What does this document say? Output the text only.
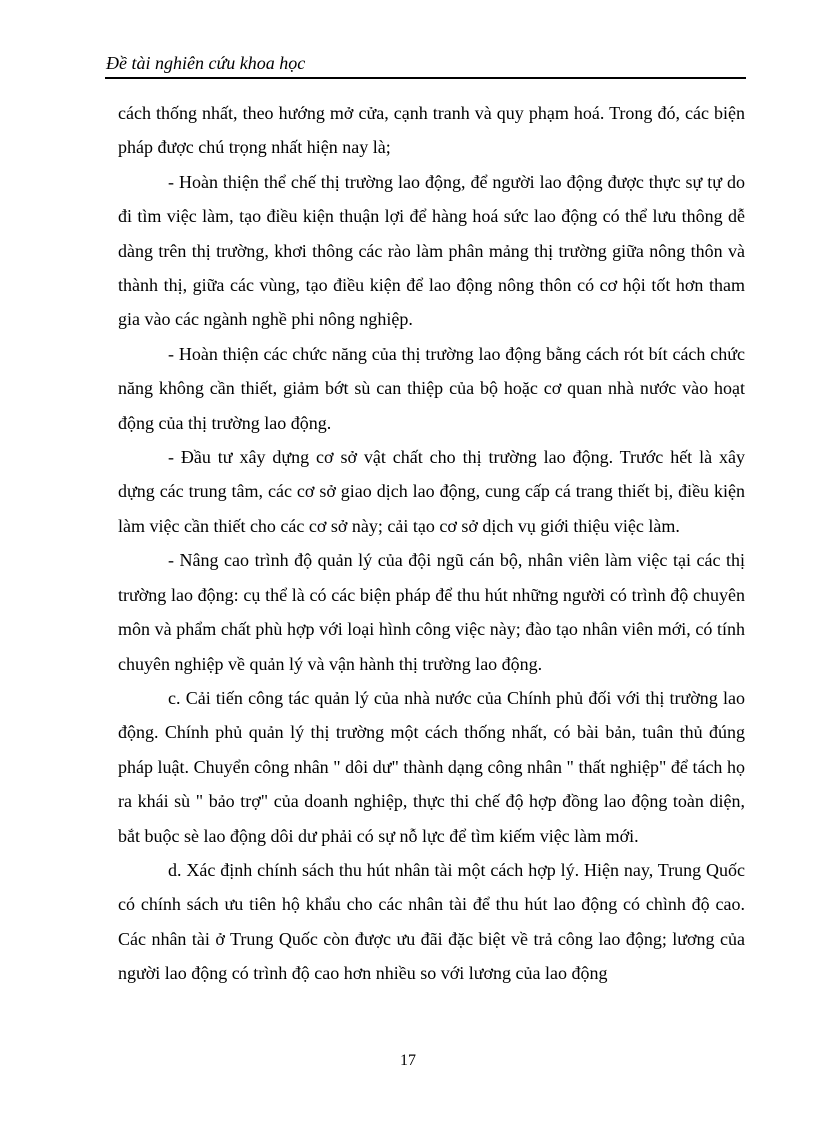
Đề tài nghiên cứu khoa học

cách thống nhất, theo hướng mở cửa, cạnh tranh và quy phạm hoá. Trong đó, các biện pháp được chú trọng nhất hiện nay là;

- Hoàn thiện thể chế thị trường lao động, để người lao động được thực sự tự do đi tìm việc làm, tạo điều kiện thuận lợi để hàng hoá sức lao động có thể lưu thông dễ dàng trên thị trường, khơi thông các rào làm phân mảng thị trường giữa nông thôn và thành thị, giữa các vùng, tạo điều kiện để lao động nông thôn có cơ hội tốt hơn tham gia vào các ngành nghề phi nông nghiệp.

- Hoàn thiện các chức năng của thị trường lao động bằng cách rót bít cách chức năng không cần thiết, giảm bớt sù can thiệp của bộ hoặc cơ quan nhà nước vào hoạt động của thị trường lao động.

- Đầu tư xây dựng cơ sở vật chất cho thị trường lao động. Trước hết là xây dựng các trung tâm, các cơ sở giao dịch lao động, cung cấp cá trang thiết bị, điều kiện làm việc cần thiết cho các cơ sở này; cải tạo cơ sở dịch vụ giới thiệu việc làm.

- Nâng cao trình độ quản lý của đội ngũ cán bộ, nhân viên làm việc tại các thị trường lao động: cụ thể là có các biện pháp để thu hút những người có trình độ chuyên môn và phẩm chất phù hợp với loại hình công việc này; đào tạo nhân viên mới, có tính chuyên nghiệp về quản lý và vận hành thị trường lao động.

c. Cải tiến công tác quản lý của nhà nước của Chính phủ đối với thị trường lao động. Chính phủ quản lý thị trường một cách thống nhất, có bài bản, tuân thủ đúng pháp luật. Chuyển công nhân " dôi dư" thành dạng công nhân " thất nghiệp" để tách họ ra khái sù " bảo trợ" của doanh nghiệp, thực thi chế độ hợp đồng lao động toàn diện, bắt buộc sè lao động dôi dư phải có sự nỗ lực để tìm kiếm việc làm mới.

d. Xác định chính sách thu hút nhân tài một cách hợp lý. Hiện nay, Trung Quốc có chính sách ưu tiên hộ khẩu cho các nhân tài để thu hút lao động có chình độ cao. Các nhân tài ở Trung Quốc còn được ưu đãi đặc biệt về trả công lao động; lương của người lao động có trình độ cao hơn nhiều so với lương của lao động

17
